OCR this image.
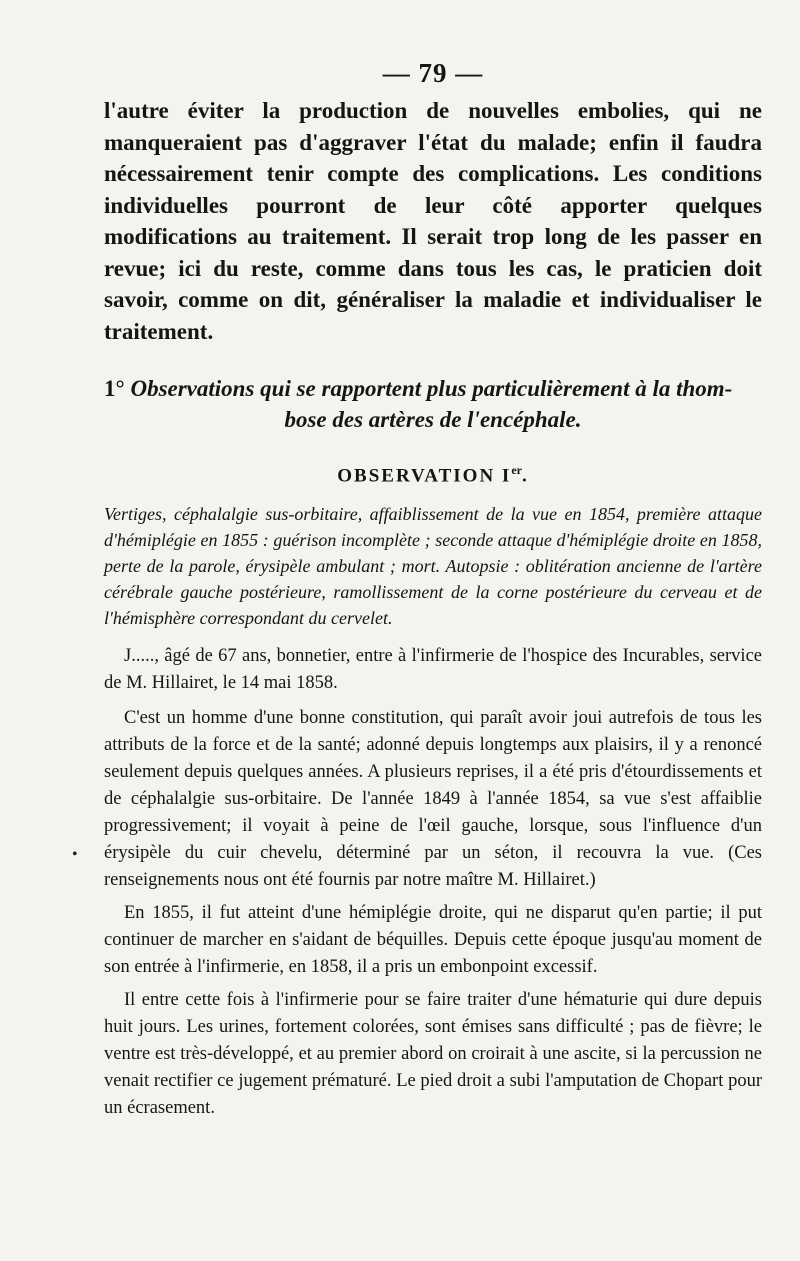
— 79 —

l'autre éviter la production de nouvelles embolies, qui ne manqueraient pas d'aggraver l'état du malade; enfin il faudra nécessairement tenir compte des complications. Les conditions individuelles pourront de leur côté apporter quelques modifications au traitement. Il serait trop long de les passer en revue; ici du reste, comme dans tous les cas, le praticien doit savoir, comme on dit, généraliser la maladie et individualiser le traitement.

1° Observations qui se rapportent plus particulièrement à la thom-
bose des artères de l'encéphale.
OBSERVATION Ier.

Vertiges, céphalalgie sus-orbitaire, affaiblissement de la vue en 1854, première attaque d'hémiplégie en 1855 : guérison incomplète ; seconde attaque d'hémiplégie droite en 1858, perte de la parole, érysipèle ambulant ; mort. Autopsie : oblitération ancienne de l'artère cérébrale gauche postérieure, ramollissement de la corne postérieure du cerveau et de l'hémisphère correspondant du cervelet.

J....., âgé de 67 ans, bonnetier, entre à l'infirmerie de l'hospice des Incurables, service de M. Hillairet, le 14 mai 1858.

C'est un homme d'une bonne constitution, qui paraît avoir joui autrefois de tous les attributs de la force et de la santé; adonné depuis longtemps aux plaisirs, il y a renoncé seulement depuis quelques années. A plusieurs reprises, il a été pris d'étourdissements et de céphalalgie sus-orbitaire. De l'année 1849 à l'année 1854, sa vue s'est affaiblie progressivement; il voyait à peine de l'œil gauche, lorsque, sous l'influence d'un érysipèle du cuir chevelu, déterminé par un séton, il recouvra la vue. (Ces renseignements nous ont été fournis par notre maître M. Hillairet.)

En 1855, il fut atteint d'une hémiplégie droite, qui ne disparut qu'en partie; il put continuer de marcher en s'aidant de béquilles. Depuis cette époque jusqu'au moment de son entrée à l'infirmerie, en 1858, il a pris un embonpoint excessif.

Il entre cette fois à l'infirmerie pour se faire traiter d'une hématurie qui dure depuis huit jours. Les urines, fortement colorées, sont émises sans difficulté ; pas de fièvre; le ventre est très-développé, et au premier abord on croirait à une ascite, si la percussion ne venait rectifier ce jugement prématuré. Le pied droit a subi l'amputation de Chopart pour un écrasement.

•
